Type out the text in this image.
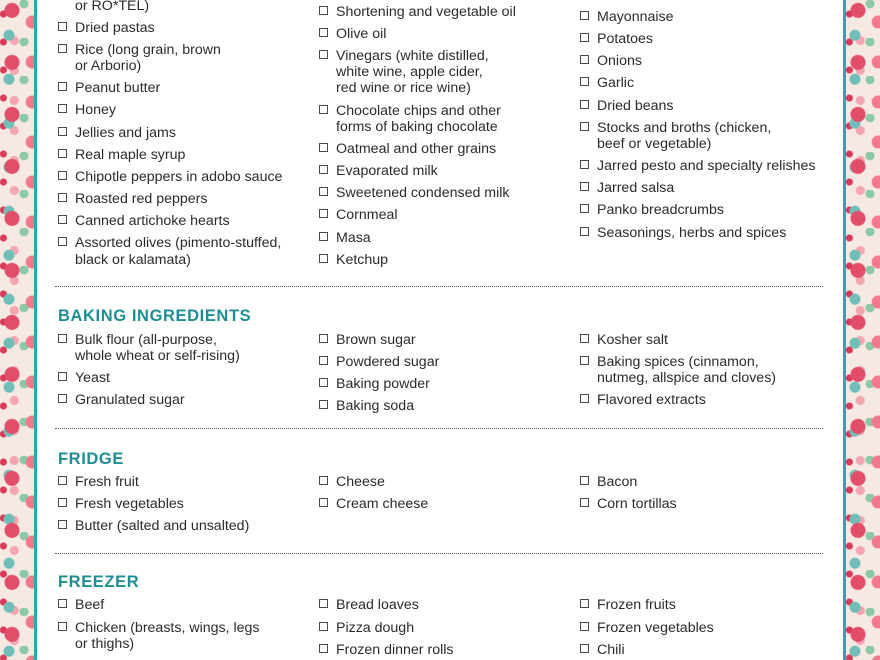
or RO*TEL)
Dried pastas
Rice (long grain, brown
or Arborio)
Peanut butter
Honey
Jellies and jams
Real maple syrup
Chipotle peppers in adobo sauce
Roasted red peppers
Canned artichoke hearts
Assorted olives (pimento-stuffed,
black or kalamata)
Shortening and vegetable oil
Olive oil
Vinegars (white distilled,
white wine, apple cider,
red wine or rice wine)
Chocolate chips and other
forms of baking chocolate
Oatmeal and other grains
Evaporated milk
Sweetened condensed milk
Cornmeal
Masa
Ketchup
Mayonnaise
Potatoes
Onions
Garlic
Dried beans
Stocks and broths (chicken,
beef or vegetable)
Jarred pesto and specialty relishes
Jarred salsa
Panko breadcrumbs
Seasonings, herbs and spices
BAKING INGREDIENTS
Bulk flour (all-purpose,
whole wheat or self-rising)
Yeast
Granulated sugar
Brown sugar
Powdered sugar
Baking powder
Baking soda
Kosher salt
Baking spices (cinnamon,
nutmeg, allspice and cloves)
Flavored extracts
FRIDGE
Fresh fruit
Fresh vegetables
Butter (salted and unsalted)
Cheese
Cream cheese
Bacon
Corn tortillas
FREEZER
Beef
Chicken (breasts, wings, legs
or thighs)
Bread loaves
Pizza dough
Frozen dinner rolls
Frozen fruits
Frozen vegetables
Chili
